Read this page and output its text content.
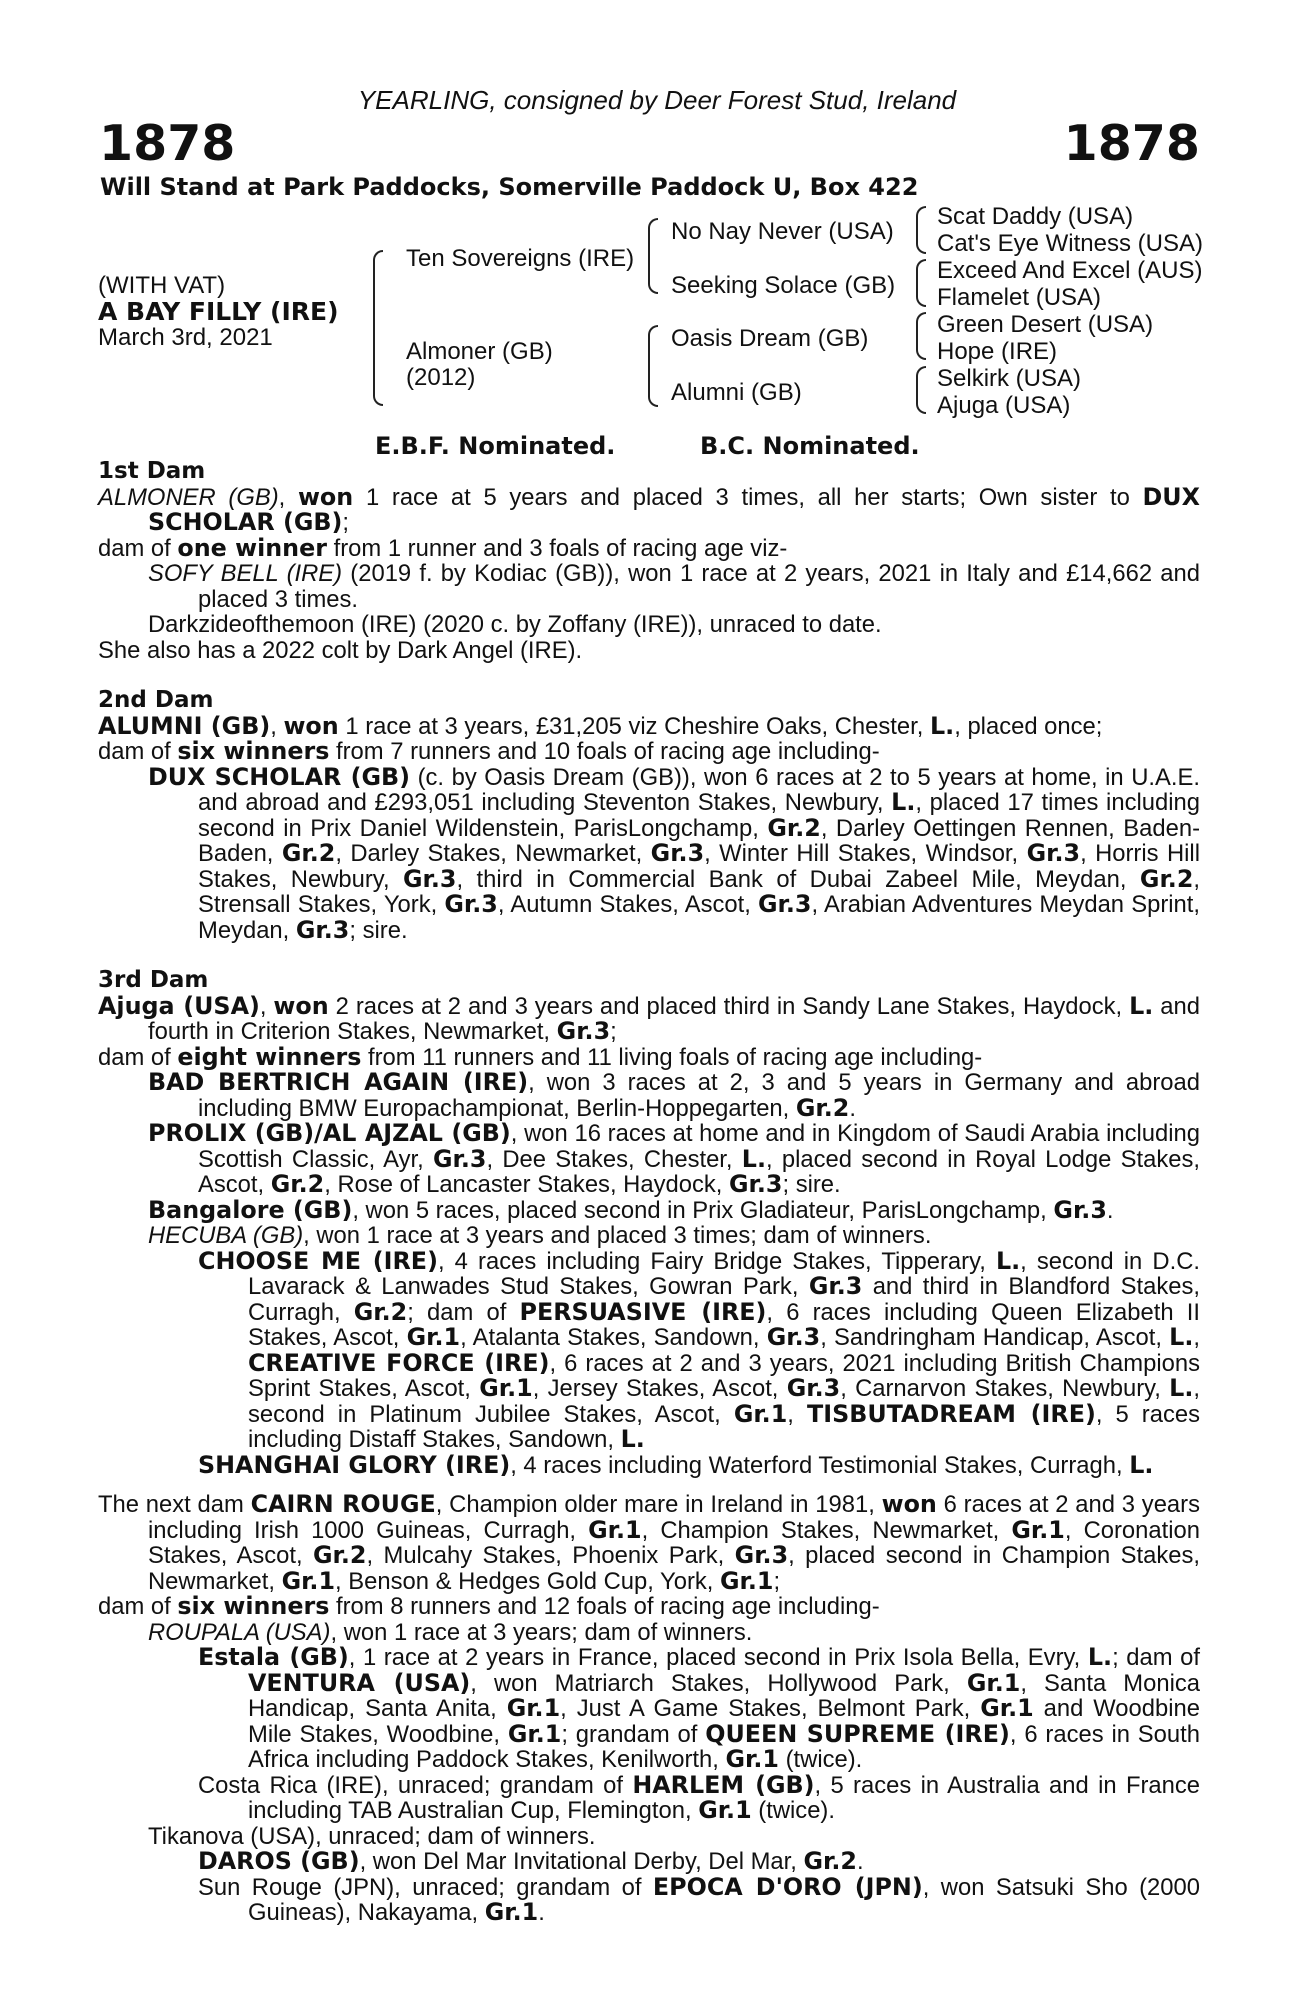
YEARLING, consigned by Deer Forest Stud, Ireland
1878	1878
Will Stand at Park Paddocks, Somerville Paddock U, Box 422
(WITH VAT)
A BAY FILLY (IRE)
March 3rd, 2021
Ten Sovereigns (IRE)
Almoner (GB)
(2012)
No Nay Never (USA)
Seeking Solace (GB)
Oasis Dream (GB)
Alumni (GB)
Scat Daddy (USA)
Cat's Eye Witness (USA)
Exceed And Excel (AUS)
Flamelet (USA)
Green Desert (USA)
Hope (IRE)
Selkirk (USA)
Ajuga (USA)
E.B.F. Nominated.	B.C. Nominated.
1st Dam
ALMONER (GB), won 1 race at 5 years and placed 3 times, all her starts; Own sister to DUX SCHOLAR (GB);
dam of one winner from 1 runner and 3 foals of racing age viz-
SOFY BELL (IRE) (2019 f. by Kodiac (GB)), won 1 race at 2 years, 2021 in Italy and £14,662 and placed 3 times.
Darkzideofthemoon (IRE) (2020 c. by Zoffany (IRE)), unraced to date.
She also has a 2022 colt by Dark Angel (IRE).
2nd Dam
ALUMNI (GB), won 1 race at 3 years, £31,205 viz Cheshire Oaks, Chester, L., placed once;
dam of six winners from 7 runners and 10 foals of racing age including-
DUX SCHOLAR (GB) (c. by Oasis Dream (GB)), won 6 races at 2 to 5 years at home, in U.A.E. and abroad and £293,051 including Steventon Stakes, Newbury, L., placed 17 times including second in Prix Daniel Wildenstein, ParisLongchamp, Gr.2, Darley Oettingen Rennen, Baden-Baden, Gr.2, Darley Stakes, Newmarket, Gr.3, Winter Hill Stakes, Windsor, Gr.3, Horris Hill Stakes, Newbury, Gr.3, third in Commercial Bank of Dubai Zabeel Mile, Meydan, Gr.2, Strensall Stakes, York, Gr.3, Autumn Stakes, Ascot, Gr.3, Arabian Adventures Meydan Sprint, Meydan, Gr.3; sire.
3rd Dam
Ajuga (USA), won 2 races at 2 and 3 years and placed third in Sandy Lane Stakes, Haydock, L. and fourth in Criterion Stakes, Newmarket, Gr.3;
dam of eight winners from 11 runners and 11 living foals of racing age including-
BAD BERTRICH AGAIN (IRE), won 3 races at 2, 3 and 5 years in Germany and abroad including BMW Europachampionat, Berlin-Hoppegarten, Gr.2.
PROLIX (GB)/AL AJZAL (GB), won 16 races at home and in Kingdom of Saudi Arabia including Scottish Classic, Ayr, Gr.3, Dee Stakes, Chester, L., placed second in Royal Lodge Stakes, Ascot, Gr.2, Rose of Lancaster Stakes, Haydock, Gr.3; sire.
Bangalore (GB), won 5 races, placed second in Prix Gladiateur, ParisLongchamp, Gr.3.
HECUBA (GB), won 1 race at 3 years and placed 3 times; dam of winners.
CHOOSE ME (IRE), 4 races including Fairy Bridge Stakes, Tipperary, L., second in D.C. Lavarack & Lanwades Stud Stakes, Gowran Park, Gr.3 and third in Blandford Stakes, Curragh, Gr.2; dam of PERSUASIVE (IRE), 6 races including Queen Elizabeth II Stakes, Ascot, Gr.1, Atalanta Stakes, Sandown, Gr.3, Sandringham Handicap, Ascot, L., CREATIVE FORCE (IRE), 6 races at 2 and 3 years, 2021 including British Champions Sprint Stakes, Ascot, Gr.1, Jersey Stakes, Ascot, Gr.3, Carnarvon Stakes, Newbury, L., second in Platinum Jubilee Stakes, Ascot, Gr.1, TISBUTADREAM (IRE), 5 races including Distaff Stakes, Sandown, L.
SHANGHAI GLORY (IRE), 4 races including Waterford Testimonial Stakes, Curragh, L.
The next dam CAIRN ROUGE, Champion older mare in Ireland in 1981, won 6 races at 2 and 3 years including Irish 1000 Guineas, Curragh, Gr.1, Champion Stakes, Newmarket, Gr.1, Coronation Stakes, Ascot, Gr.2, Mulcahy Stakes, Phoenix Park, Gr.3, placed second in Champion Stakes, Newmarket, Gr.1, Benson & Hedges Gold Cup, York, Gr.1;
dam of six winners from 8 runners and 12 foals of racing age including-
ROUPALA (USA), won 1 race at 3 years; dam of winners.
Estala (GB), 1 race at 2 years in France, placed second in Prix Isola Bella, Evry, L.; dam of VENTURA (USA), won Matriarch Stakes, Hollywood Park, Gr.1, Santa Monica Handicap, Santa Anita, Gr.1, Just A Game Stakes, Belmont Park, Gr.1 and Woodbine Mile Stakes, Woodbine, Gr.1; grandam of QUEEN SUPREME (IRE), 6 races in South Africa including Paddock Stakes, Kenilworth, Gr.1 (twice).
Costa Rica (IRE), unraced; grandam of HARLEM (GB), 5 races in Australia and in France including TAB Australian Cup, Flemington, Gr.1 (twice).
Tikanova (USA), unraced; dam of winners.
DAROS (GB), won Del Mar Invitational Derby, Del Mar, Gr.2.
Sun Rouge (JPN), unraced; grandam of EPOCA D'ORO (JPN), won Satsuki Sho (2000 Guineas), Nakayama, Gr.1.
